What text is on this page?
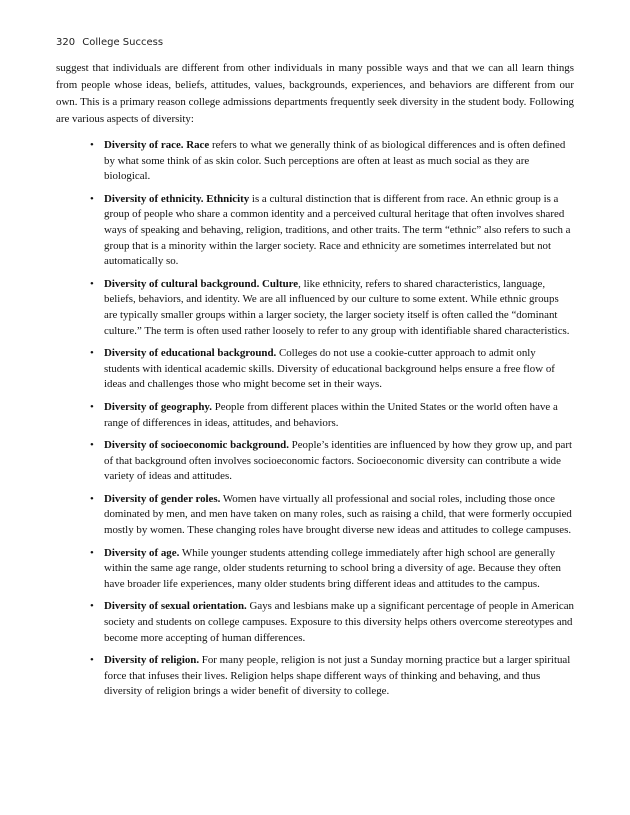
320 College Success

suggest that individuals are different from other individuals in many possible ways and that we can all learn things from people whose ideas, beliefs, attitudes, values, backgrounds, experiences, and behaviors are different from our own. This is a primary reason college admissions departments frequently seek diversity in the student body. Following are various aspects of diversity:

• Diversity of race. Race refers to what we generally think of as biological differences and is often defined by what some think of as skin color. Such perceptions are often at least as much social as they are biological.
• Diversity of ethnicity. Ethnicity is a cultural distinction that is different from race. An ethnic group is a group of people who share a common identity and a perceived cultural heritage that often involves shared ways of speaking and behaving, religion, traditions, and other traits. The term “ethnic” also refers to such a group that is a minority within the larger society. Race and ethnicity are sometimes interrelated but not automatically so.
• Diversity of cultural background. Culture, like ethnicity, refers to shared characteristics, language, beliefs, behaviors, and identity. We are all influenced by our culture to some extent. While ethnic groups are typically smaller groups within a larger society, the larger society itself is often called the “dominant culture.” The term is often used rather loosely to refer to any group with identifiable shared characteristics.
• Diversity of educational background. Colleges do not use a cookie-cutter approach to admit only students with identical academic skills. Diversity of educational background helps ensure a free flow of ideas and challenges those who might become set in their ways.
• Diversity of geography. People from different places within the United States or the world often have a range of differences in ideas, attitudes, and behaviors.
• Diversity of socioeconomic background. People’s identities are influenced by how they grow up, and part of that background often involves socioeconomic factors. Socioeconomic diversity can contribute a wide variety of ideas and attitudes.
• Diversity of gender roles. Women have virtually all professional and social roles, including those once dominated by men, and men have taken on many roles, such as raising a child, that were formerly occupied mostly by women. These changing roles have brought diverse new ideas and attitudes to college campuses.
• Diversity of age. While younger students attending college immediately after high school are generally within the same age range, older students returning to school bring a diversity of age. Because they often have broader life experiences, many older students bring different ideas and attitudes to the campus.
• Diversity of sexual orientation. Gays and lesbians make up a significant percentage of people in American society and students on college campuses. Exposure to this diversity helps others overcome stereotypes and become more accepting of human differences.
• Diversity of religion. For many people, religion is not just a Sunday morning practice but a larger spiritual force that infuses their lives. Religion helps shape different ways of thinking and behaving, and thus diversity of religion brings a wider benefit of diversity to college.
